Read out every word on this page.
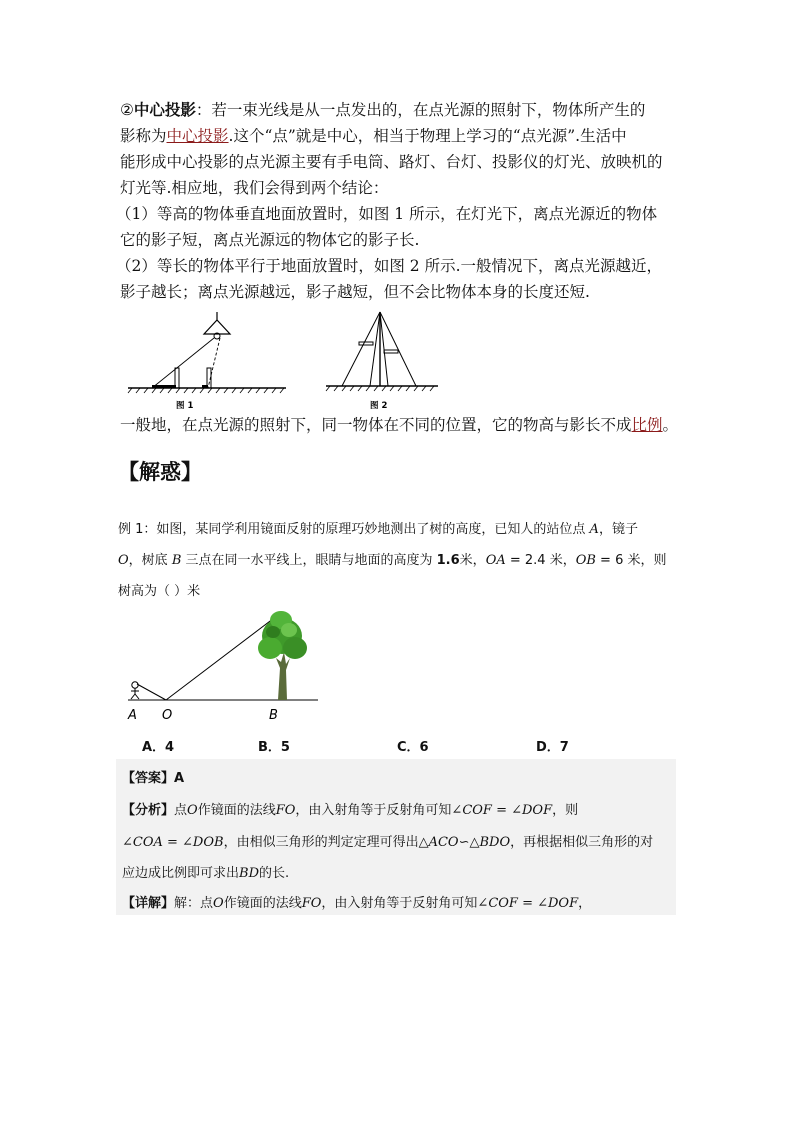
②中心投影：若一束光线是从一点发出的，在点光源的照射下，物体所产生的
影称为中心投影.这个“点”就是中心，相当于物理上学习的“点光源”.生活中
能形成中心投影的点光源主要有手电筒、路灯、台灯、投影仪的灯光、放映机的
灯光等.相应地，我们会得到两个结论：
（1）等高的物体垂直地面放置时，如图 1 所示，在灯光下，离点光源近的物体
它的影子短，离点光源远的物体它的影子长.
（2）等长的物体平行于地面放置时，如图 2 所示.一般情况下，离点光源越近，
影子越长；离点光源越远，影子越短，但不会比物体本身的长度还短.
图 1	图 2
一般地，在点光源的照射下，同一物体在不同的位置，它的物高与影长不成比例。
【解惑】
例 1：如图，某同学利用镜面反射的原理巧妙地测出了树的高度，已知人的站位点 A，镜子
O，树底 B 三点在同一水平线上，眼睛与地面的高度为 1.6米，OA = 2.4 米，OB = 6 米，则
树高为（ ）米
A O	B
A．4	B．5	C．6	D．7
【答案】A
【分析】点O作镜面的法线FO，由入射角等于反射角可知∠COF = ∠DOF，则
∠COA = ∠DOB，由相似三角形的判定定理可得出△ACO∽△BDO，再根据相似三角形的对
应边成比例即可求出BD的长.
【详解】解：点O作镜面的法线FO，由入射角等于反射角可知∠COF = ∠DOF，
